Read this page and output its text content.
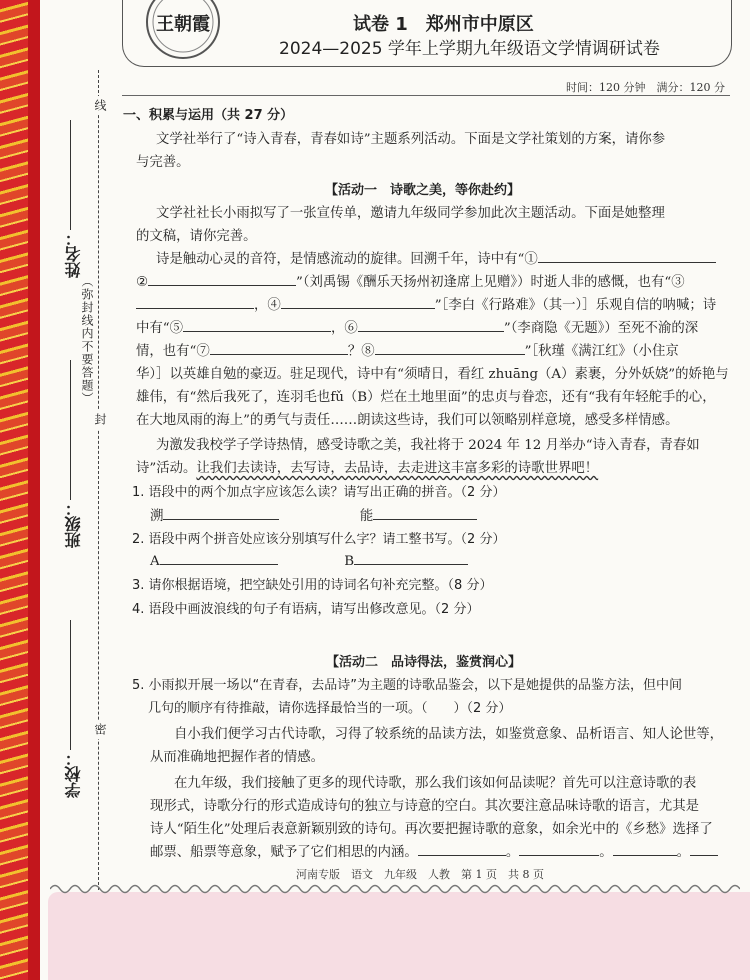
线
封
密
（弥封线内不要答题）
姓名：
班级：
学校：
王朝霞	试卷 1　郑州市中原区
2024—2025 学年上学期九年级语文学情调研试卷
时间：120 分钟　满分：120 分
一、积累与运用（共 27 分）
文学社举行了“诗入青春，青春如诗”主题系列活动。下面是文学社策划的方案，请你参
与完善。
【活动一　诗歌之美，等你赴约】
文学社社长小雨拟写了一张宣传单，邀请九年级同学参加此次主题活动。下面是她整理
的文稿，请你完善。
诗是触动心灵的音符，是情感流动的旋律。回溯千年，诗中有“①
②	”（刘禹锡《酬乐天扬州初逢席上见赠》）时逝人非的感慨，也有“③
，④	”［李白《行路难》（其一）］乐观自信的呐喊；诗
中有“⑤	，⑥	”（李商隐《无题》）至死不渝的深
情，也有“⑦	？⑧	”［秋瑾《满江红》（小住京
华）］以英雄自勉的豪迈。驻足现代，诗中有“须晴日，看红 zhuāng（A）素裹，分外妖娆”的娇艳与
雄伟，有“然后我死了，连羽毛也fǔ（B）烂在土地里面”的忠贞与眷恋，还有“我有年轻舵手的心，
在大地凤雨的海上”的勇气与责任……朗读这些诗，我们可以领略别样意境，感受多样情感。
为激发我校学子学诗热情，感受诗歌之美，我社将于 2024 年 12 月举办“诗入青春，青春如
诗”活动。让我们去读诗，去写诗，去品诗，去走进这丰富多彩的诗歌世界吧！
1. 语段中的两个加点字应该怎么读？请写出正确的拼音。（2 分）
溯	能
2. 语段中两个拼音处应该分别填写什么字？请工整书写。（2 分）
A	B
3. 请你根据语境，把空缺处引用的诗词名句补充完整。（8 分）
4. 语段中画波浪线的句子有语病，请写出修改意见。（2 分）
【活动二　品诗得法，鉴赏润心】
5. 小雨拟开展一场以“在青春，去品诗”为主题的诗歌品鉴会，以下是她提供的品鉴方法，但中间
几句的顺序有待推敲，请你选择最恰当的一项。（　　）（2 分）
自小我们便学习古代诗歌，习得了较系统的品读方法，如鉴赏意象、品析语言、知人论世等，
从而准确地把握作者的情感。
在九年级，我们接触了更多的现代诗歌，那么我们该如何品读呢？首先可以注意诗歌的表
现形式，诗歌分行的形式造成诗句的独立与诗意的空白。其次要注意品味诗歌的语言，尤其是
诗人“陌生化”处理后表意新颖别致的诗句。再次要把握诗歌的意象，如余光中的《乡愁》选择了
邮票、船票等意象，赋予了它们相思的内涵。	。	。	。
河南专版　语文　九年级　人教　第 1 页　共 8 页
